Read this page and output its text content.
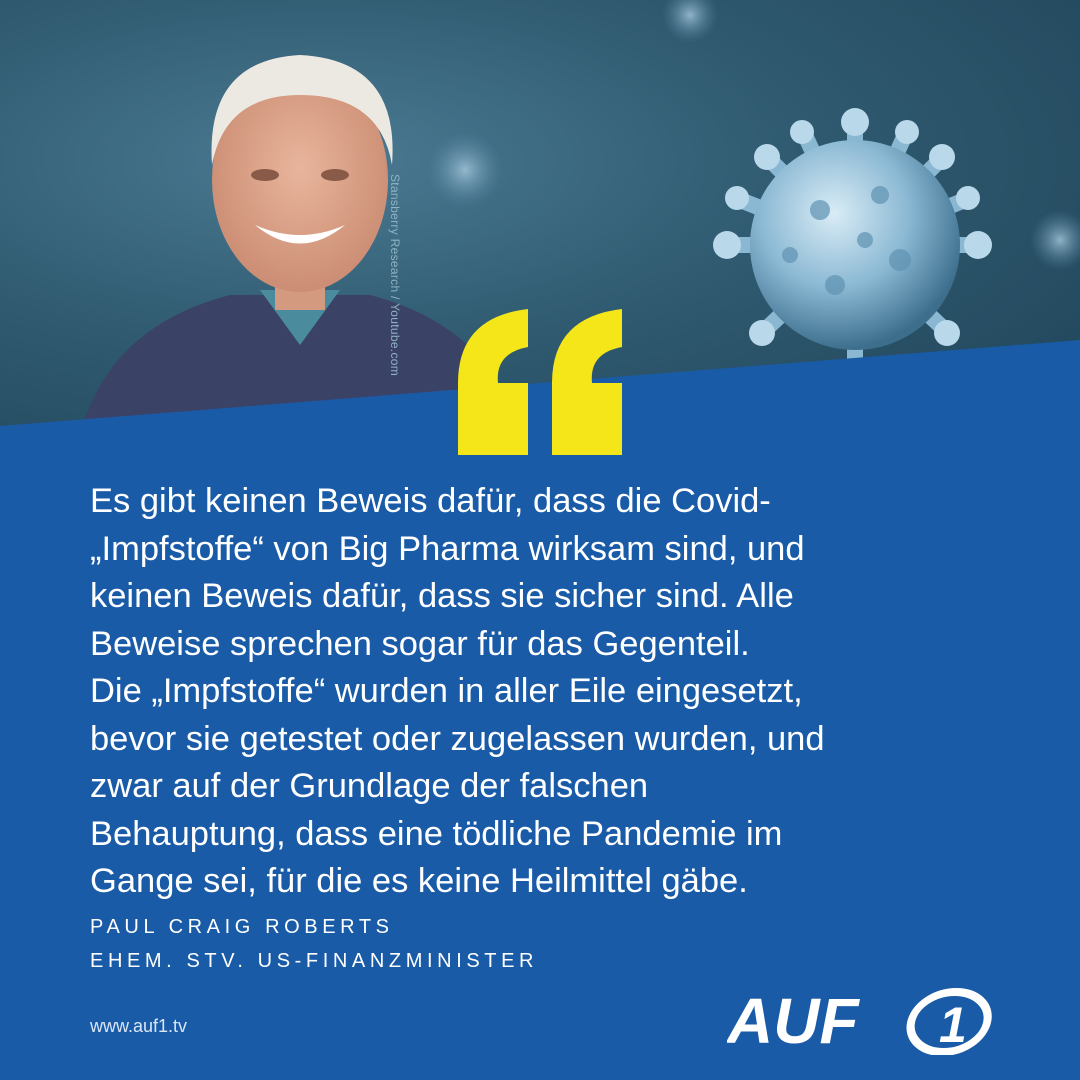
Stansberry Research / Youtube.com

Es gibt keinen Beweis dafür, dass die Covid-
„Impfstoffe“ von Big Pharma wirksam sind, und
keinen Beweis dafür, dass sie sicher sind. Alle
Beweise sprechen sogar für das Gegenteil.
Die „Impfstoffe“ wurden in aller Eile eingesetzt,
bevor sie getestet oder zugelassen wurden, und
zwar auf der Grundlage der falschen
Behauptung, dass eine tödliche Pandemie im
Gange sei, für die es keine Heilmittel gäbe.

PAUL CRAIG ROBERTS
EHEM. STV. US-FINANZMINISTER
www.auf1.tv	AUF 1
